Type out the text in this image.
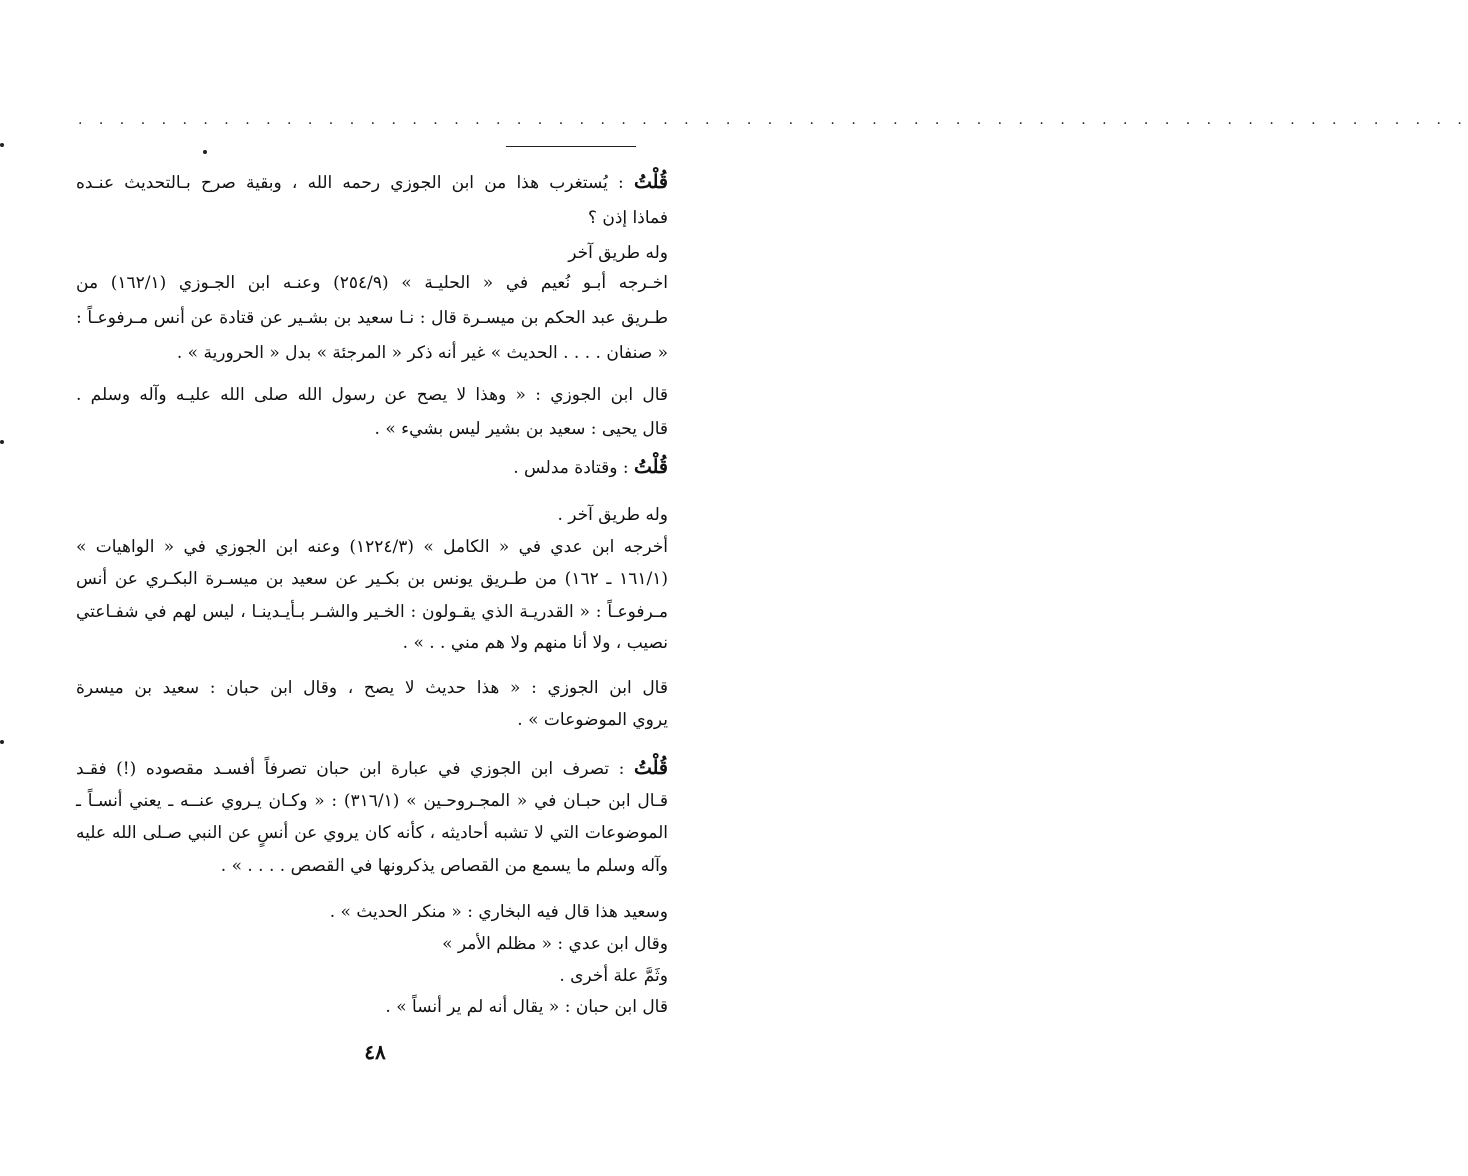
. . . . . . . . . . . . . . . . . . . . . . . . . . . . . . . . . . . . . . . . . . . . . . . . . . . . . . . . . . . . . . . . . . .
قُلْتُ : يُستغرب هذا من ابن الجوزي رحمه الله ، وبقية صرح بـالتحديث عنـده
فماذا إذن ؟
وله طريق آخر
اخـرجه أبـو نُعيم في « الحليـة » (٢٥٤/٩) وعنـه ابن الجـوزي (١٦٢/١) من
طـريق عبد الحكم بن ميسـرة قال : نـا سعيد بن بشـير عن قتادة عن أنس مـرفوعـاً :
« صنفان . . . . الحديث » غير أنه ذكر « المرجئة » بدل « الحرورية » .
قال ابن الجوزي : « وهذا لا يصح عن رسول الله صلى الله عليـه وآله وسلم .
قال يحيى : سعيد بن بشير ليس بشيء » .
قُلْتُ : وقتادة مدلس .
وله طريق آخر .
أخرجه ابن عدي في « الكامل » (١٢٢٤/٣) وعنه ابن الجوزي في « الواهيات »
(١٦١/١ ـ ١٦٢) من طـريق يونس بن بكـير عن سعيد بن ميسـرة البكـري عن أنس
مـرفوعـاً : « القدريـة الذي يقـولون : الخـير والشـر بـأيـدينـا ، ليس لهم في شفـاعتي
نصيب ، ولا أنا منهم ولا هم مني . . » .
قال ابن الجوزي : « هذا حديث لا يصح ، وقال ابن حبان : سعيد بن ميسرة
يروي الموضوعات » .
قُلْتُ : تصرف ابن الجوزي في عبارة ابن حبان تصرفاً أفسـد مقصوده (!) فقـد
قـال ابن حبـان في « المجـروحـين » (٣١٦/١) : « وكـان يـروي عنــه ـ يعني أنسـاً ـ
الموضوعات التي لا تشبه أحاديثه ، كأنه كان يروي عن أنسٍ عن النبي صـلى الله عليه
وآله وسلم ما يسمع من القصاص يذكرونها في القصص . . . . » .
وسعيد هذا قال فيه البخاري : « منكر الحديث » .
وقال ابن عدي : « مظلم الأمر »
وثَمَّ علة أخرى .
قال ابن حبان : « يقال أنه لم ير أنساً » .
٤٨
